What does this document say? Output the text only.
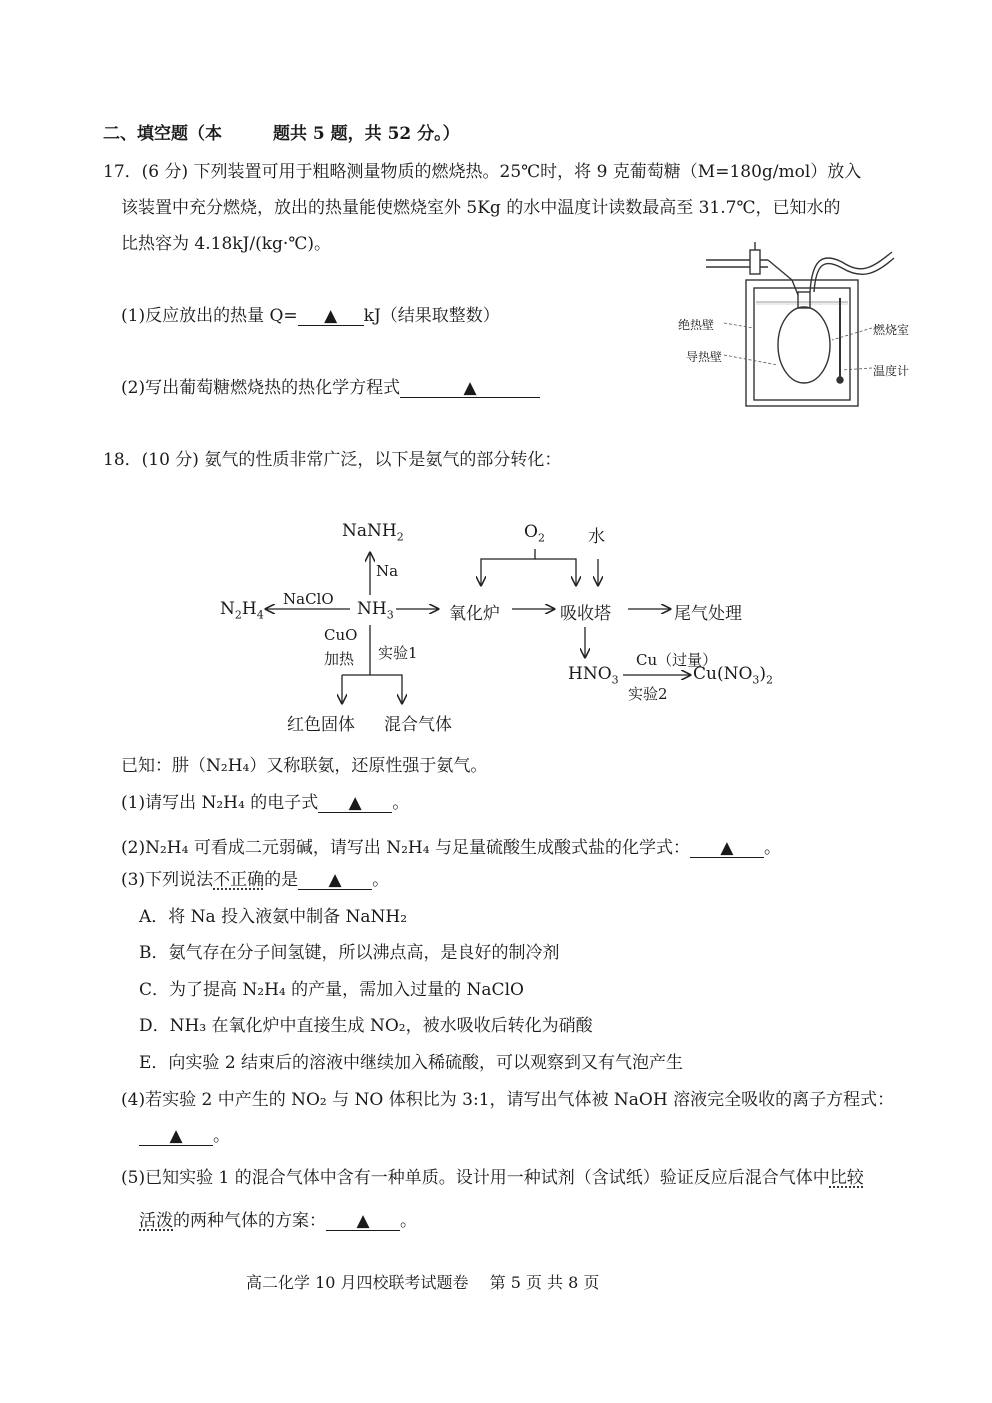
二、填空题（本　　　题共 5 题，共 52 分。）
17．(6 分) 下列装置可用于粗略测量物质的燃烧热。25℃时，将 9 克葡萄糖（M=180g/mol）放入
该装置中充分燃烧，放出的热量能使燃烧室外 5Kg 的水中温度计读数最高至 31.7℃，已知水的
比热容为 4.18kJ/(kg·℃)。
(1)反应放出的热量 Q= ▲ kJ（结果取整数）
(2)写出葡萄糖燃烧热的热化学方程式	▲
绝热壁
导热壁
燃烧室
温度计
18．(10 分) 氨气的性质非常广泛，以下是氨气的部分转化：
NaNH$_2$
Na
$N_2H_4$
NaClO $NH_3$	氧化炉	吸收塔	尾气处理
$O_2$	水
CuO
加热 实验1
红色固体 混合气体
$HNO_3$
Cu（过量）
实验2
$Cu(NO_3)_2$
已知：肼（N₂H₄）又称联氨，还原性强于氨气。
(1)请写出 N₂H₄ 的电子式 ▲ 。
(2)N₂H₄ 可看成二元弱碱，请写出 N₂H₄ 与足量硫酸生成酸式盐的化学式： ▲ 。
(3)下列说法不正确的是 ▲ 。
A．将 Na 投入液氨中制备 NaNH₂
B．氨气存在分子间氢键，所以沸点高，是良好的制冷剂
C．为了提高 N₂H₄ 的产量，需加入过量的 NaClO
D．NH₃ 在氧化炉中直接生成 NO₂，被水吸收后转化为硝酸
E．向实验 2 结束后的溶液中继续加入稀硫酸，可以观察到又有气泡产生
(4)若实验 2 中产生的 NO₂ 与 NO 体积比为 3:1，请写出气体被 NaOH 溶液完全吸收的离子方程式：
▲ 。
(5)已知实验 1 的混合气体中含有一种单质。设计用一种试剂（含试纸）验证反应后混合气体中比较
活泼的两种气体的方案： ▲ 。
高二化学 10 月四校联考试题卷　 第 5 页 共 8 页
